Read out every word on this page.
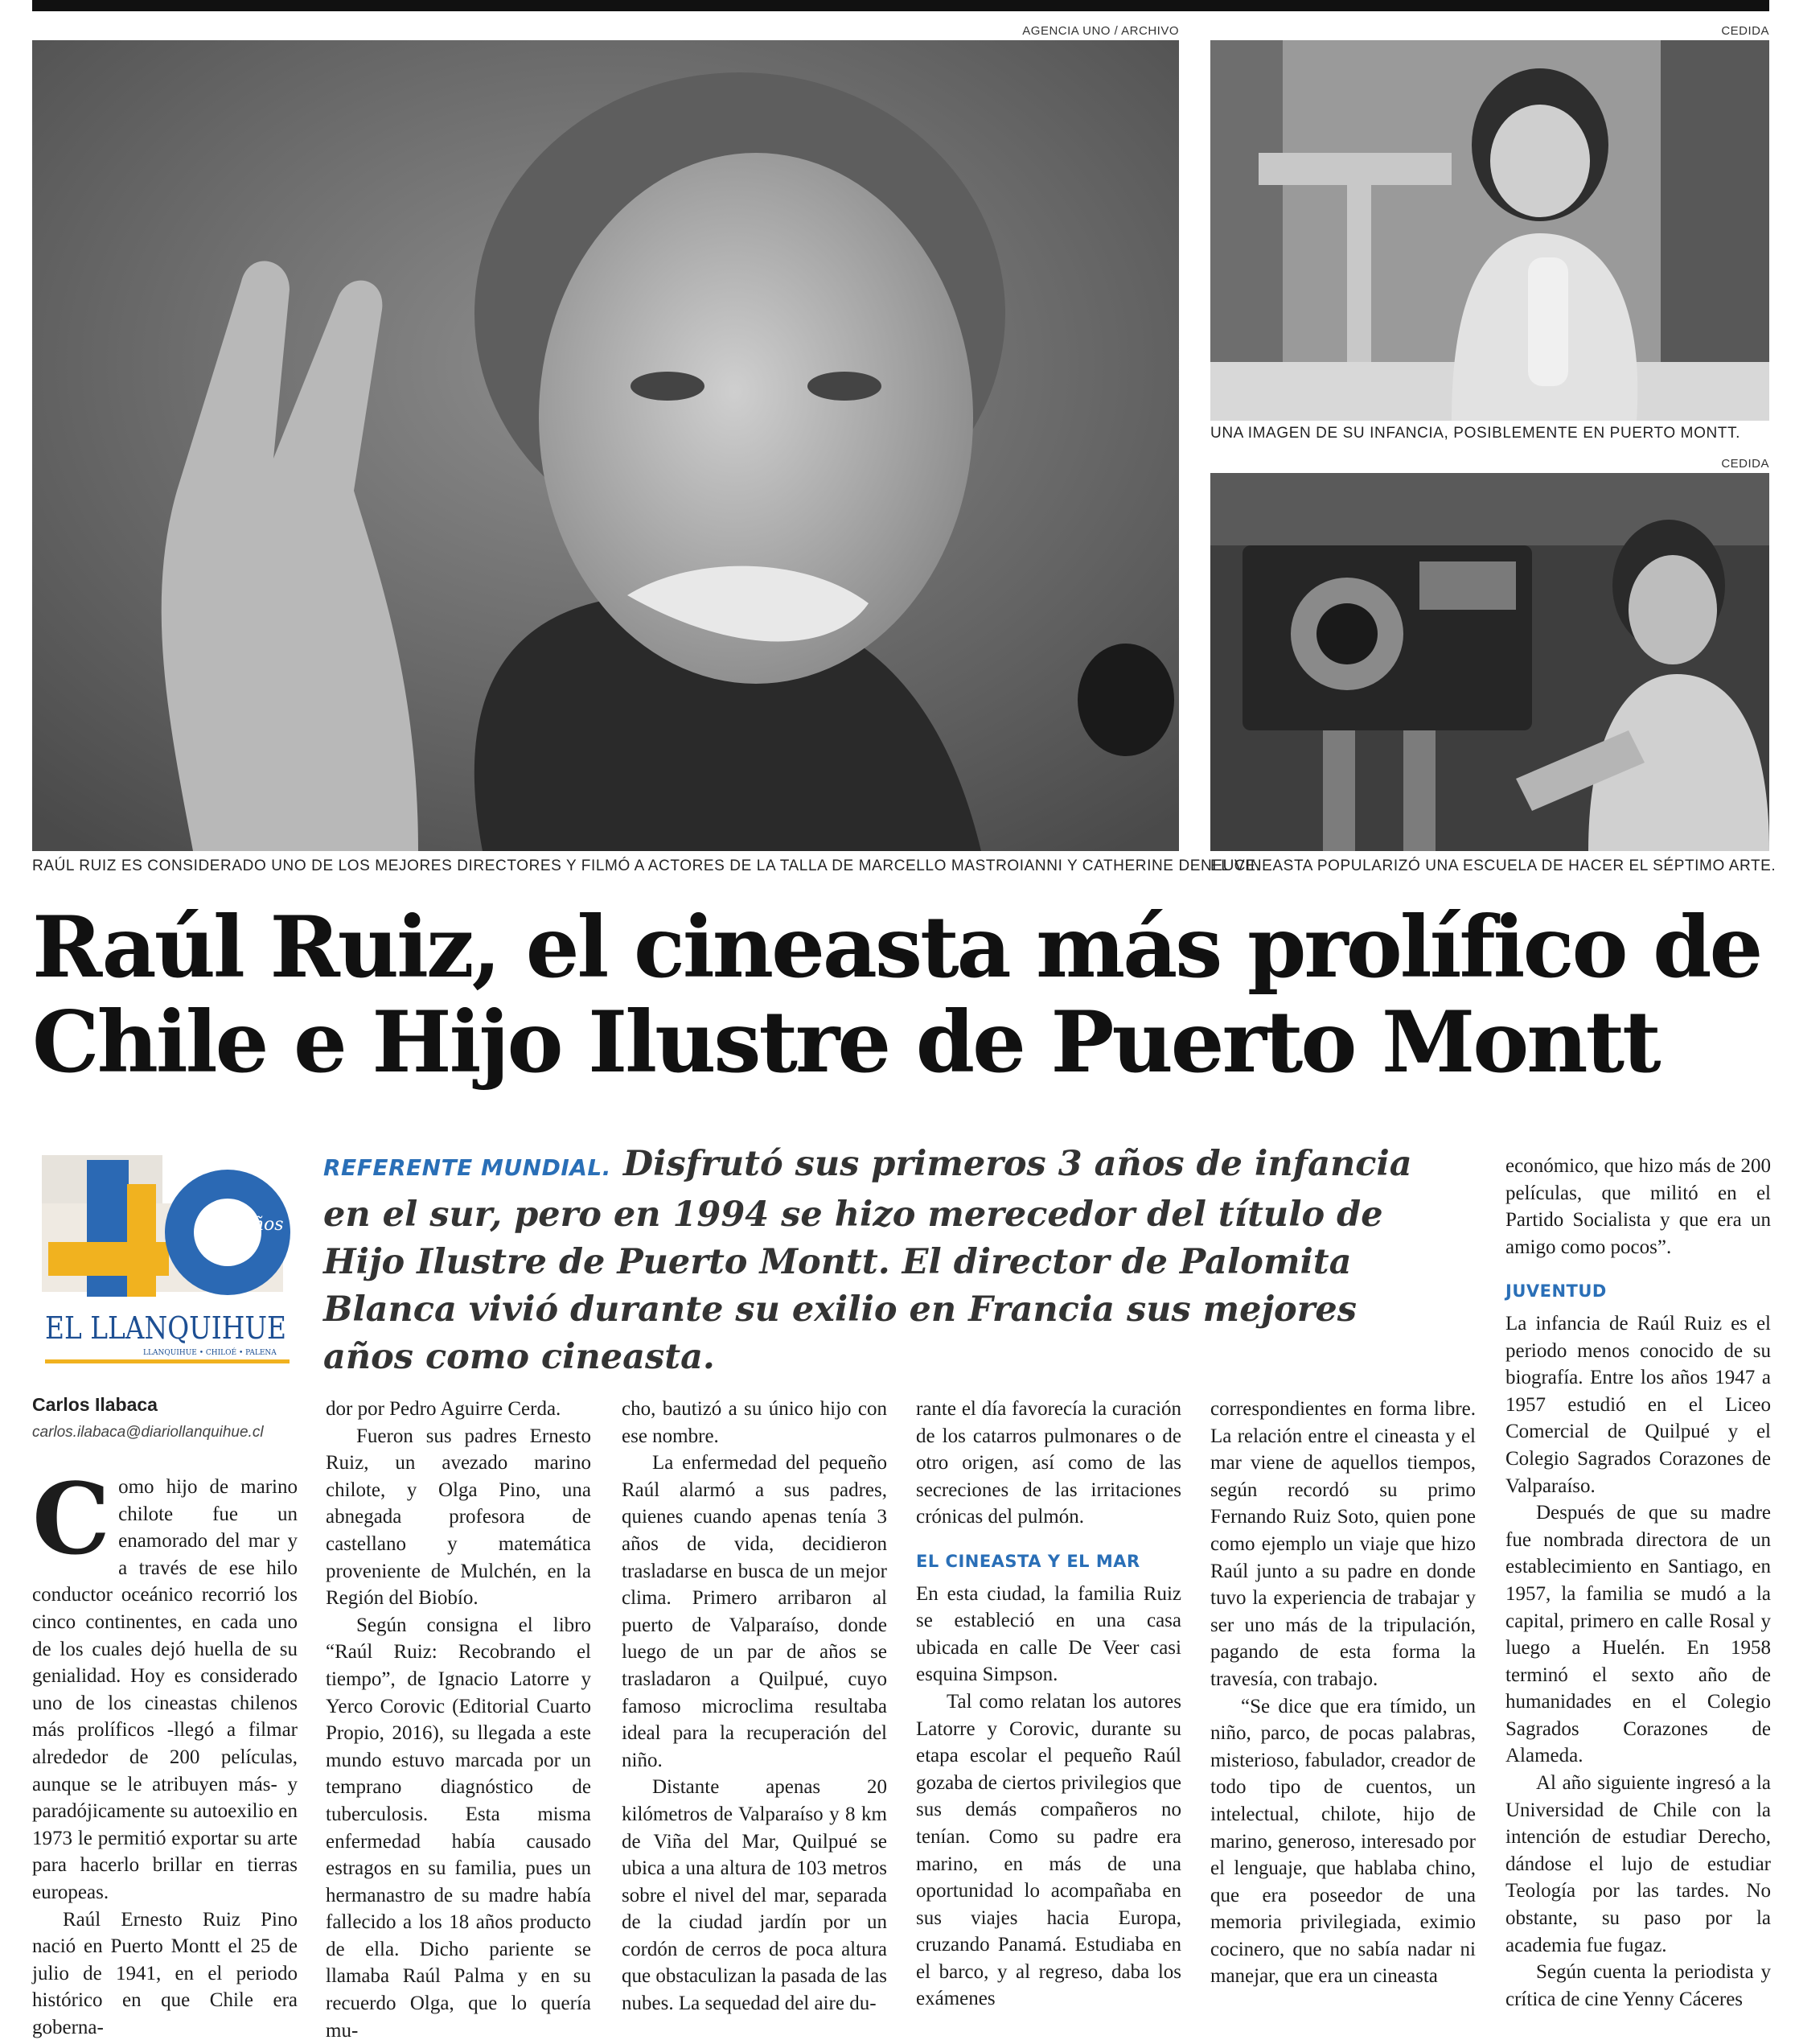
AGENCIA UNO / ARCHIVO
RAÚL RUIZ ES CONSIDERADO UNO DE LOS MEJORES DIRECTORES Y FILMÓ A ACTORES DE LA TALLA DE MARCELLO MASTROIANNI Y CATHERINE DENEUVE.
CEDIDA
UNA IMAGEN DE SU INFANCIA, POSIBLEMENTE EN PUERTO MONTT.
CEDIDA
EL CINEASTA POPULARIZÓ UNA ESCUELA DE HACER EL SÉPTIMO ARTE.
Raúl Ruiz, el cineasta más prolífico de
Chile e Hijo Ilustre de Puerto Montt
Años
EL LLANQUIHUE
LLANQUIHUE • CHILOÉ • PALENA
140
REFERENTE MUNDIAL. Disfrutó sus primeros 3 años de infancia en el sur, pero en 1994 se hizo merecedor del título de Hijo Ilustre de Puerto Montt. El director de Palomita Blanca vivió durante su exilio en Francia sus mejores años como cineasta.
Carlos Ilabaca
carlos.ilabaca@diariollanquihue.cl

Como hijo de marino chilote fue un enamorado del mar y a través de ese hilo conductor oceánico recorrió los cinco continentes, en cada uno de los cuales dejó huella de su genialidad. Hoy es considerado uno de los cineastas chilenos más prolíficos -llegó a filmar alrededor de 200 películas, aunque se le atribuyen más- y paradójicamente su autoexilio en 1973 le permitió exportar su arte para hacerlo brillar en tierras europeas.

Raúl Ernesto Ruiz Pino nació en Puerto Montt el 25 de julio de 1941, en el periodo histórico en que Chile era goberna-

dor por Pedro Aguirre Cerda.

Fueron sus padres Ernesto Ruiz, un avezado marino chilote, y Olga Pino, una abnegada profesora de castellano y matemática proveniente de Mulchén, en la Región del Biobío.

Según consigna el libro “Raúl Ruiz: Recobrando el tiempo”, de Ignacio Latorre y Yerco Corovic (Editorial Cuarto Propio, 2016), su llegada a este mundo estuvo marcada por un temprano diagnóstico de tuberculosis. Esta misma enfermedad había causado estragos en su familia, pues un hermanastro de su madre había fallecido a los 18 años producto de ella. Dicho pariente se llamaba Raúl Palma y en su recuerdo Olga, que lo quería mu-

cho, bautizó a su único hijo con ese nombre.

La enfermedad del pequeño Raúl alarmó a sus padres, quienes cuando apenas tenía 3 años de vida, decidieron trasladarse en busca de un mejor clima. Primero arribaron al puerto de Valparaíso, donde luego de un par de años se trasladaron a Quilpué, cuyo famoso microclima resultaba ideal para la recuperación del niño.

Distante apenas 20 kilómetros de Valparaíso y 8 km de Viña del Mar, Quilpué se ubica a una altura de 103 metros sobre el nivel del mar, separada de la ciudad jardín por un cordón de cerros de poca altura que obstaculizan la pasada de las nubes. La sequedad del aire du-

rante el día favorecía la curación de los catarros pulmonares o de otro origen, así como de las secreciones de las irritaciones crónicas del pulmón.

EL CINEASTA Y EL MAR

En esta ciudad, la familia Ruiz se estableció en una casa ubicada en calle De Veer casi esquina Simpson.

Tal como relatan los autores Latorre y Corovic, durante su etapa escolar el pequeño Raúl gozaba de ciertos privilegios que sus demás compañeros no tenían. Como su padre era marino, en más de una oportunidad lo acompañaba en sus viajes hacia Europa, cruzando Panamá. Estudiaba en el barco, y al regreso, daba los exámenes

correspondientes en forma libre. La relación entre el cineasta y el mar viene de aquellos tiempos, según recordó su primo Fernando Ruiz Soto, quien pone como ejemplo un viaje que hizo Raúl junto a su padre en donde tuvo la experiencia de trabajar y ser uno más de la tripulación, pagando de esta forma la travesía, con trabajo.

“Se dice que era tímido, un niño, parco, de pocas palabras, misterioso, fabulador, creador de todo tipo de cuentos, un intelectual, chilote, hijo de marino, generoso, interesado por el lenguaje, que hablaba chino, que era poseedor de una memoria privilegiada, eximio cocinero, que no sabía nadar ni manejar, que era un cineasta

económico, que hizo más de 200 películas, que militó en el Partido Socialista y que era un amigo como pocos”.

JUVENTUD

La infancia de Raúl Ruiz es el periodo menos conocido de su biografía. Entre los años 1947 a 1957 estudió en el Liceo Comercial de Quilpué y el Colegio Sagrados Corazones de Valparaíso.

Después de que su madre fue nombrada directora de un establecimiento en Santiago, en 1957, la familia se mudó a la capital, primero en calle Rosal y luego a Huelén. En 1958 terminó el sexto año de humanidades en el Colegio Sagrados Corazones de Alameda.

Al año siguiente ingresó a la Universidad de Chile con la intención de estudiar Derecho, dándose el lujo de estudiar Teología por las tardes. No obstante, su paso por la academia fue fugaz.

Según cuenta la periodista y crítica de cine Yenny Cáceres
